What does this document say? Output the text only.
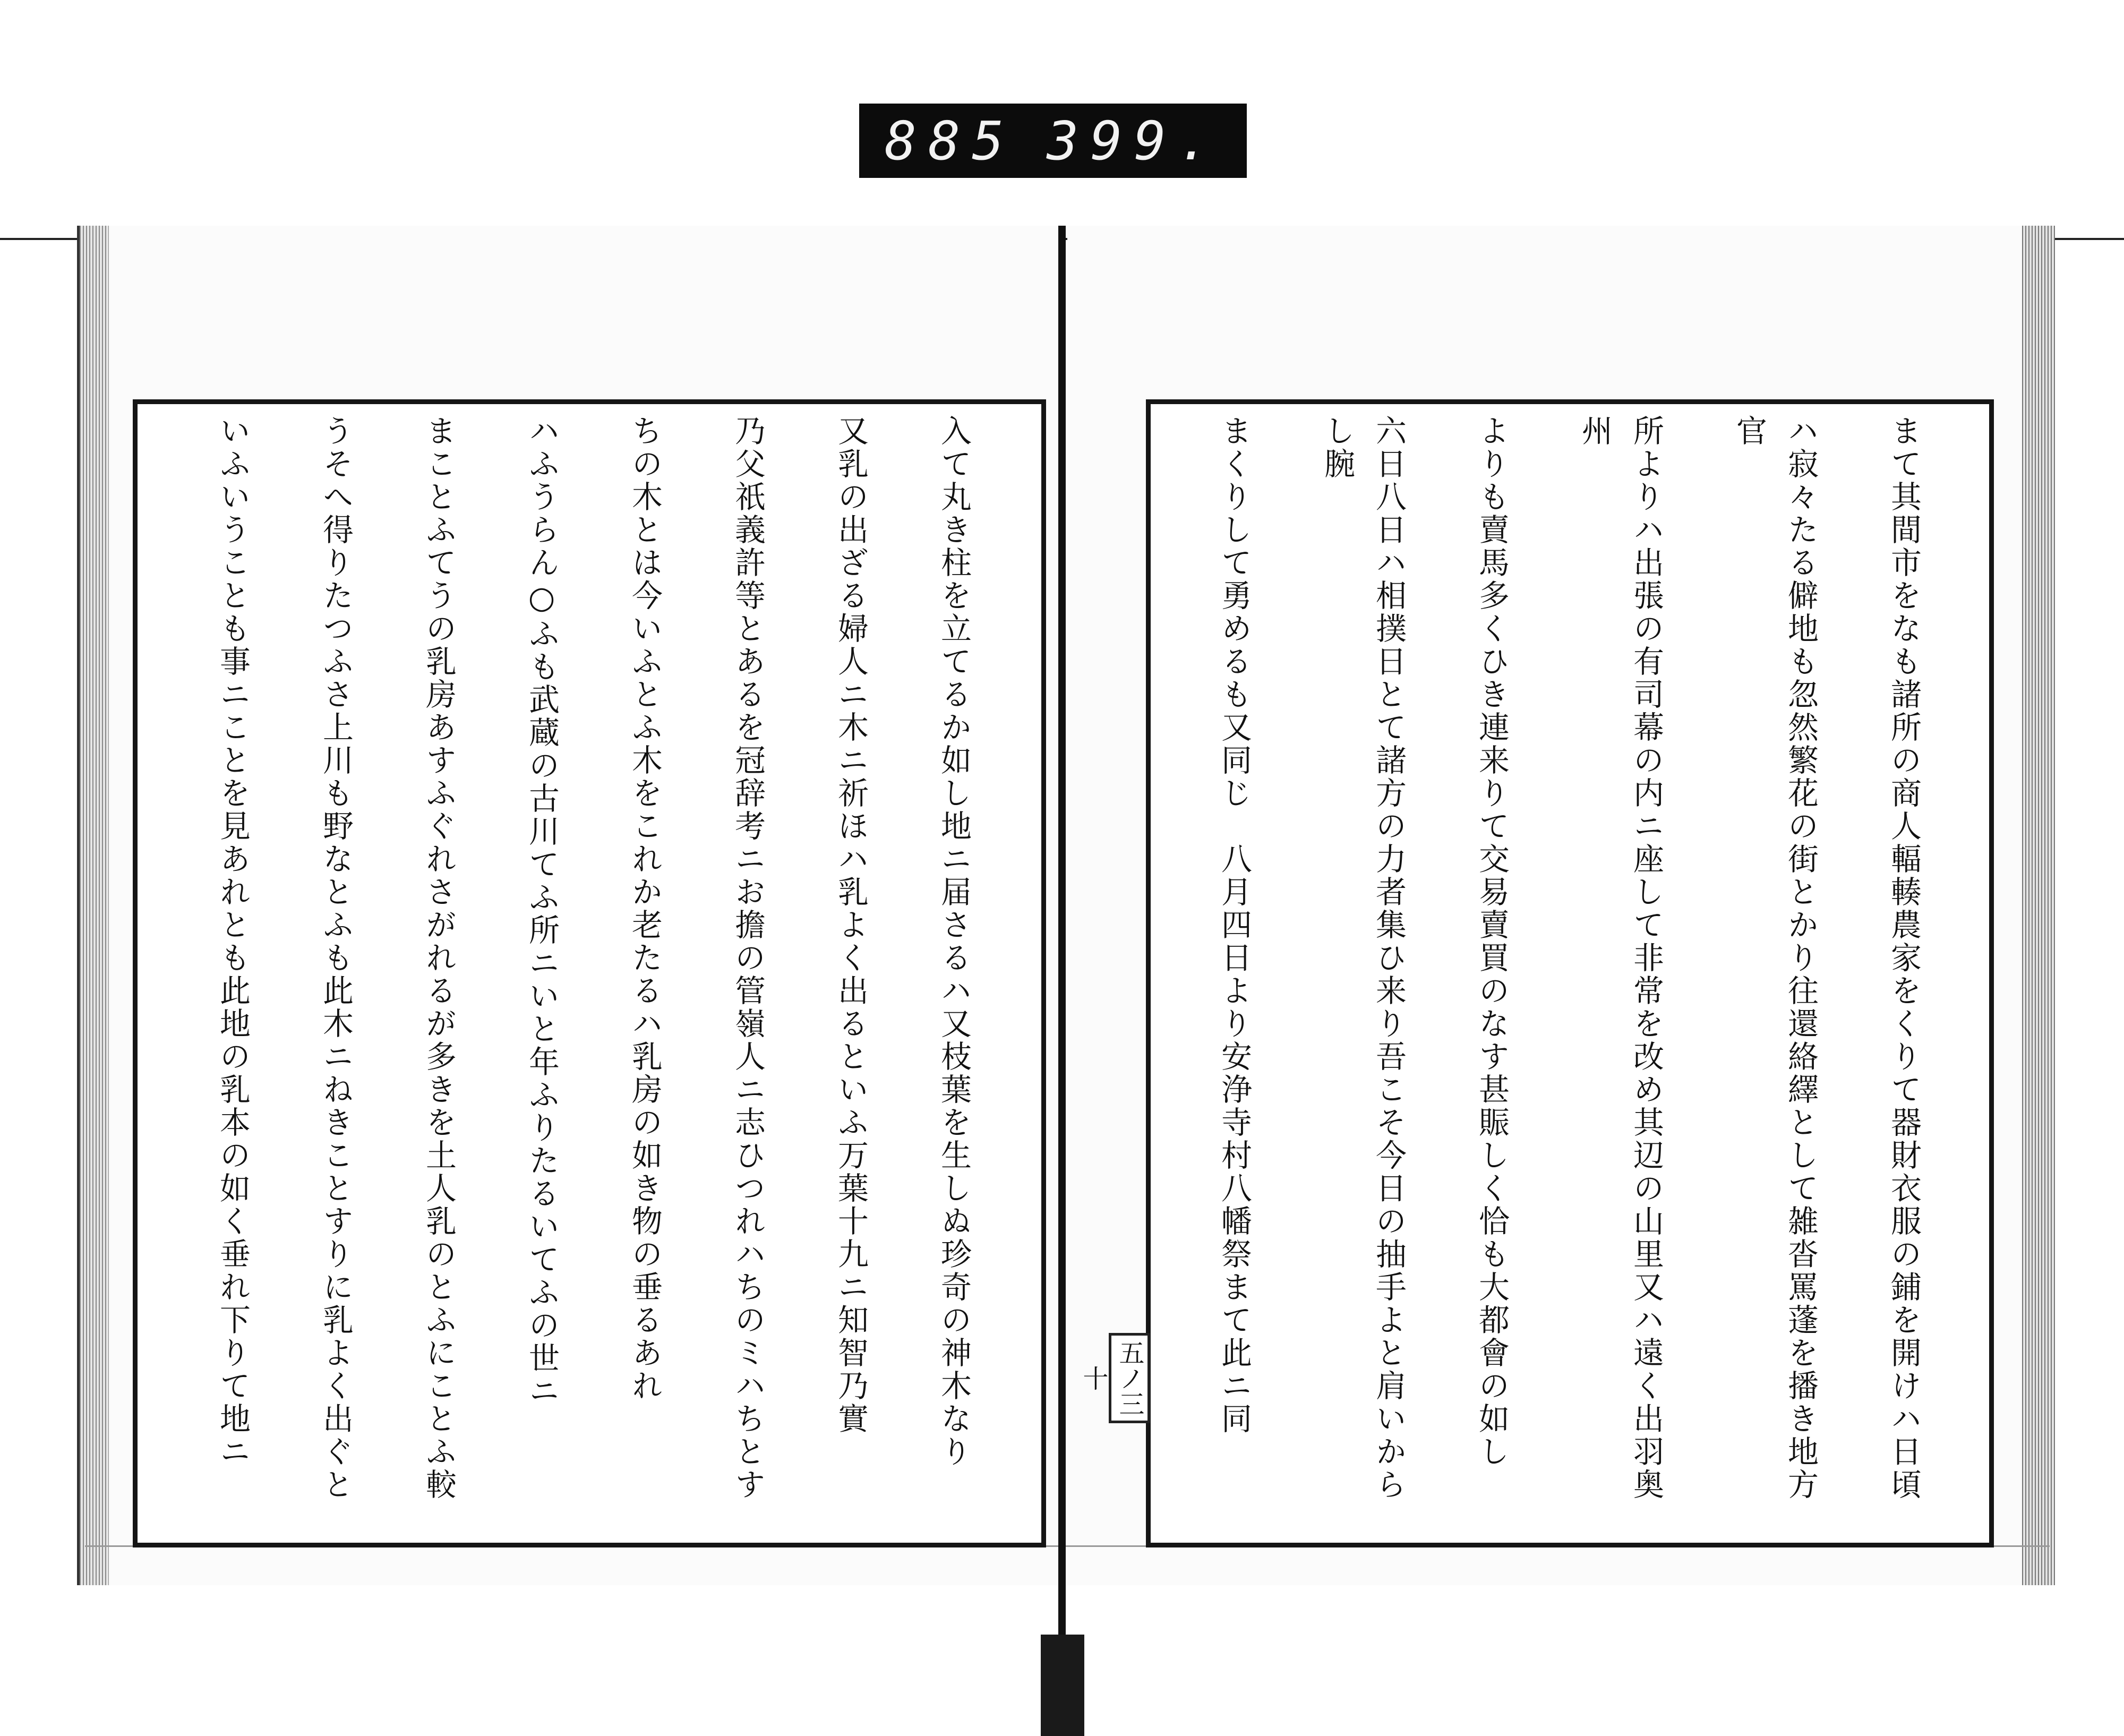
885 399.

入て丸き柱を立てるか如し地ニ届さるハ又枝葉を生しぬ珍奇の神木なり

又乳の出ざる婦人ニ木ニ祈ほハ乳よく出るといふ万葉十九ニ知智乃實

乃父祇義許等とあるを冠辞考ニお擔の管嶺人ニ志ひつれハちのミハちとす

ちの木とは今いふとふ木をこれか老たるハ乳房の如き物の垂るあれ

ハふうらん○ふも武蔵の古川てふ所ニいと年ふりたるいてふの世ニ

まことふてうの乳房あすふぐれさがれるが多きを土人乳のとふにことふ較

うそへ得りたつふさ上川も野なとふも此木ニねきことすりに乳よく出ぐと

いふいうことも事ニことを見あれとも此地の乳本の如く垂れ下りて地ニ	まて其間市をなも諸所の商人輻輳農家をくりて器財衣服の鋪を開けハ日頃

ハ寂々たる僻地も忽然繁花の街とかり往還絡繹として雑沓罵蓬を播き地方官

所よりハ出張の有司幕の内ニ座して非常を改め其辺の山里又ハ遠く出羽奥州

よりも賣馬多くひき連来りて交易賣買のなす甚賑しく恰も大都會の如し

六日八日ハ相撲日とて諸方の力者集ひ来り吾こそ今日の抽手よと肩いからし腕

まくりして勇めるも又同じ　八月四日より安浄寺村八幡祭まて此ニ同

五ノ三十
